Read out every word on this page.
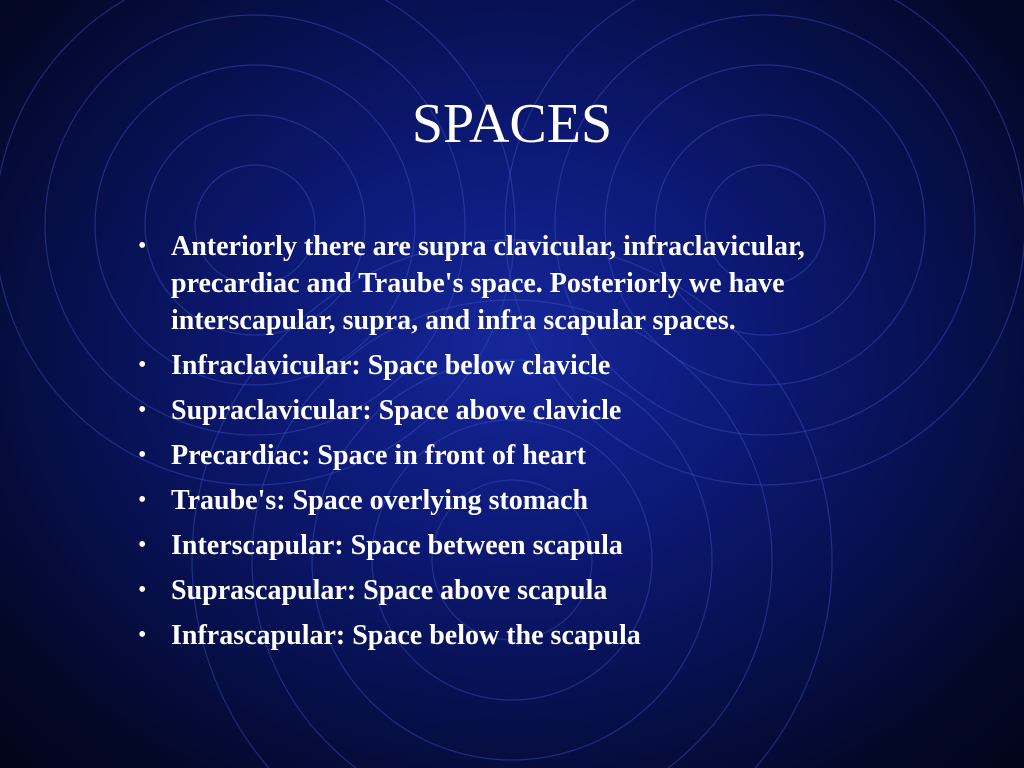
SPACES
• Anteriorly there are supra clavicular, infraclavicular, precardiac and Traube's space. Posteriorly we have interscapular, supra, and infra scapular spaces.
• Infraclavicular: Space below clavicle
• Supraclavicular: Space above clavicle
• Precardiac: Space in front of heart
• Traube's: Space overlying stomach
• Interscapular: Space between scapula
• Suprascapular: Space above scapula
• Infrascapular: Space below the scapula
